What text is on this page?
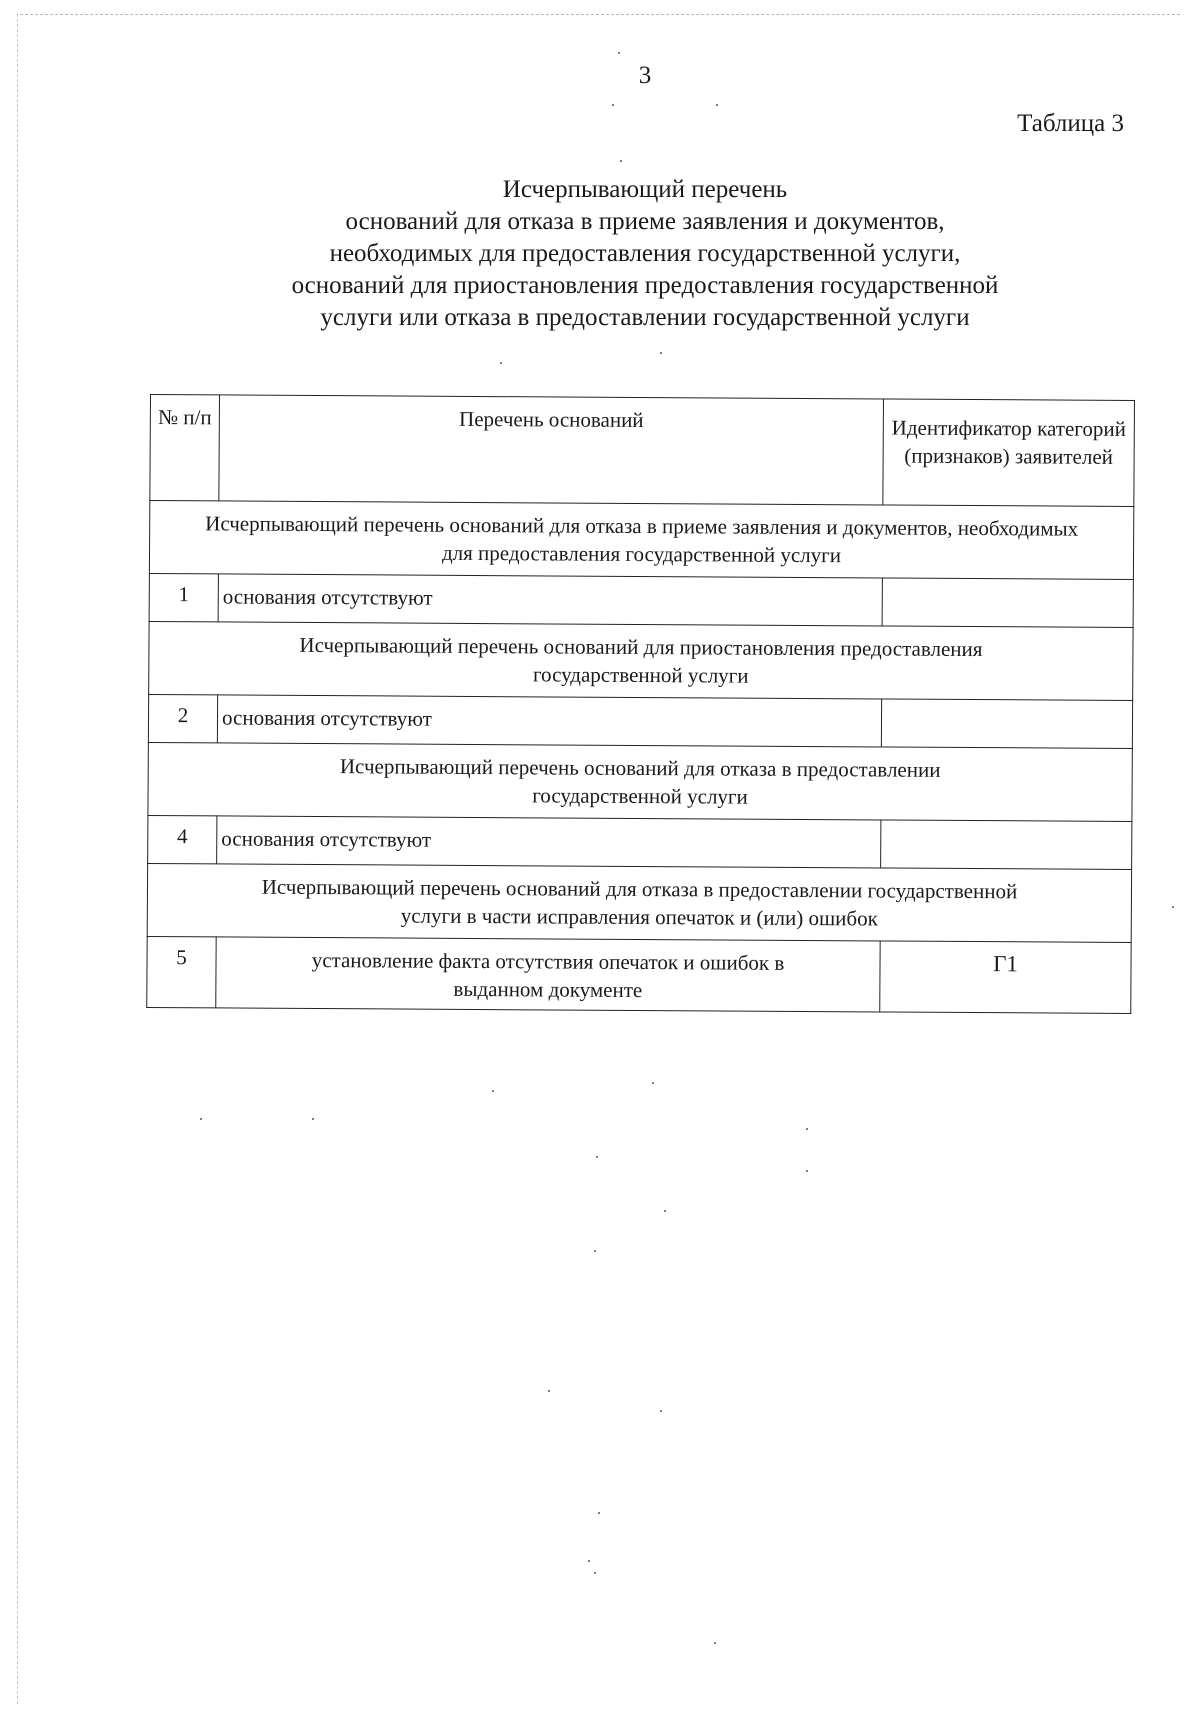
3
Таблица 3
Исчерпывающий перечень
оснований для отказа в приеме заявления и документов,
необходимых для предоставления государственной услуги,
оснований для приостановления предоставления государственной
услуги или отказа в предоставлении государственной услуги
№ п/п	Перечень оснований	Идентификатор категорий (признаков) заявителей
Исчерпывающий перечень оснований для отказа в приеме заявления и документов, необходимых для предоставления государственной услуги		
1	основания отсутствуют	
Исчерпывающий перечень оснований для приостановления предоставления государственной услуги		
2	основания отсутствуют	
Исчерпывающий перечень оснований для отказа в предоставлении государственной услуги		
4	основания отсутствуют	
Исчерпывающий перечень оснований для отказа в предоставлении государственной услуги в части исправления опечаток и (или) ошибок		
5	установление факта отсутствия опечаток и ошибок в выданном документе	Г1
